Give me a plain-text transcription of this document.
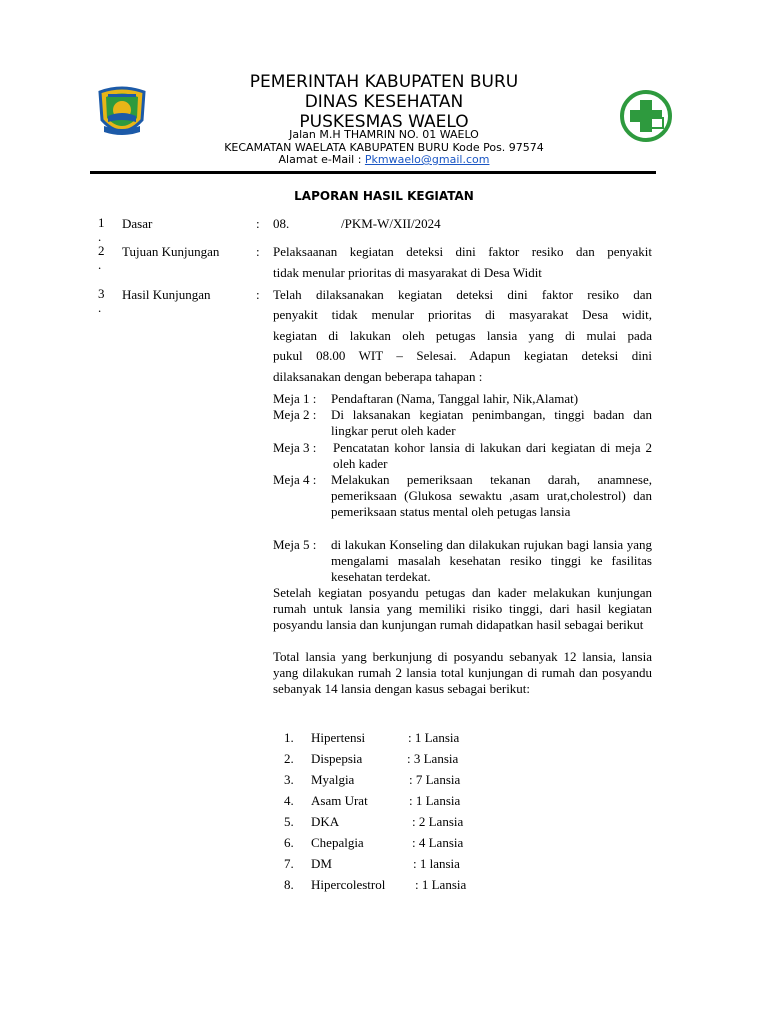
PEMERINTAH KABUPATEN BURU
DINAS KESEHATAN
PUSKESMAS WAELO
Jalan M.H THAMRIN NO. 01 WAELO
KECAMATAN WAELATA KABUPATEN BURU Kode Pos. 97574
Alamat e-Mail : Pkmwaelo@gmail.com
LAPORAN HASIL KEGIATAN
1
.
Dasar	: 08.	/PKM-W/XII/2024
2
.
Tujuan Kunjungan	: Pelaksaanan kegiatan deteksi dini faktor resiko dan penyakit
tidak menular prioritas di masyarakat di Desa Widit
3
.
Hasil Kunjungan	: Telah dilaksanakan kegiatan deteksi dini faktor resiko dan
penyakit tidak menular prioritas di masyarakat Desa widit,
kegiatan di lakukan oleh petugas lansia yang di mulai pada
pukul 08.00 WIT – Selesai. Adapun kegiatan deteksi dini
dilaksanakan dengan beberapa tahapan :
Meja 1 : Pendaftaran (Nama, Tanggal lahir, Nik,Alamat)
Meja 2 : Di laksanakan kegiatan penimbangan, tinggi badan dan lingkar perut oleh kader
Meja 3 : Pencatatan kohor lansia di lakukan dari kegiatan di meja 2 oleh kader
Meja 4 : Melakukan pemeriksaan tekanan darah, anamnese, pemeriksaan (Glukosa sewaktu ,asam urat,cholestrol) dan pemeriksaan status mental oleh petugas lansia
Meja 5 : di lakukan Konseling dan dilakukan rujukan bagi lansia yang mengalami masalah kesehatan resiko tinggi ke fasilitas kesehatan terdekat.
Setelah kegiatan posyandu petugas dan kader melakukan kunjungan rumah untuk lansia yang memiliki risiko tinggi, dari hasil kegiatan posyandu lansia dan kunjungan rumah didapatkan hasil sebagai berikut
Total lansia yang berkunjung di posyandu sebanyak 12 lansia, lansia yang dilakukan rumah 2 lansia total kunjungan di rumah dan posyandu sebanyak 14 lansia dengan kasus sebagai berikut:
1. Hipertensi	: 1 Lansia
2. Dispepsia	: 3 Lansia
3. Myalgia	: 7 Lansia
4. Asam Urat	: 1 Lansia
5. DKA	: 2 Lansia
6. Chepalgia	: 4 Lansia
7. DM	: 1 lansia
8. Hipercolestrol : 1 Lansia
